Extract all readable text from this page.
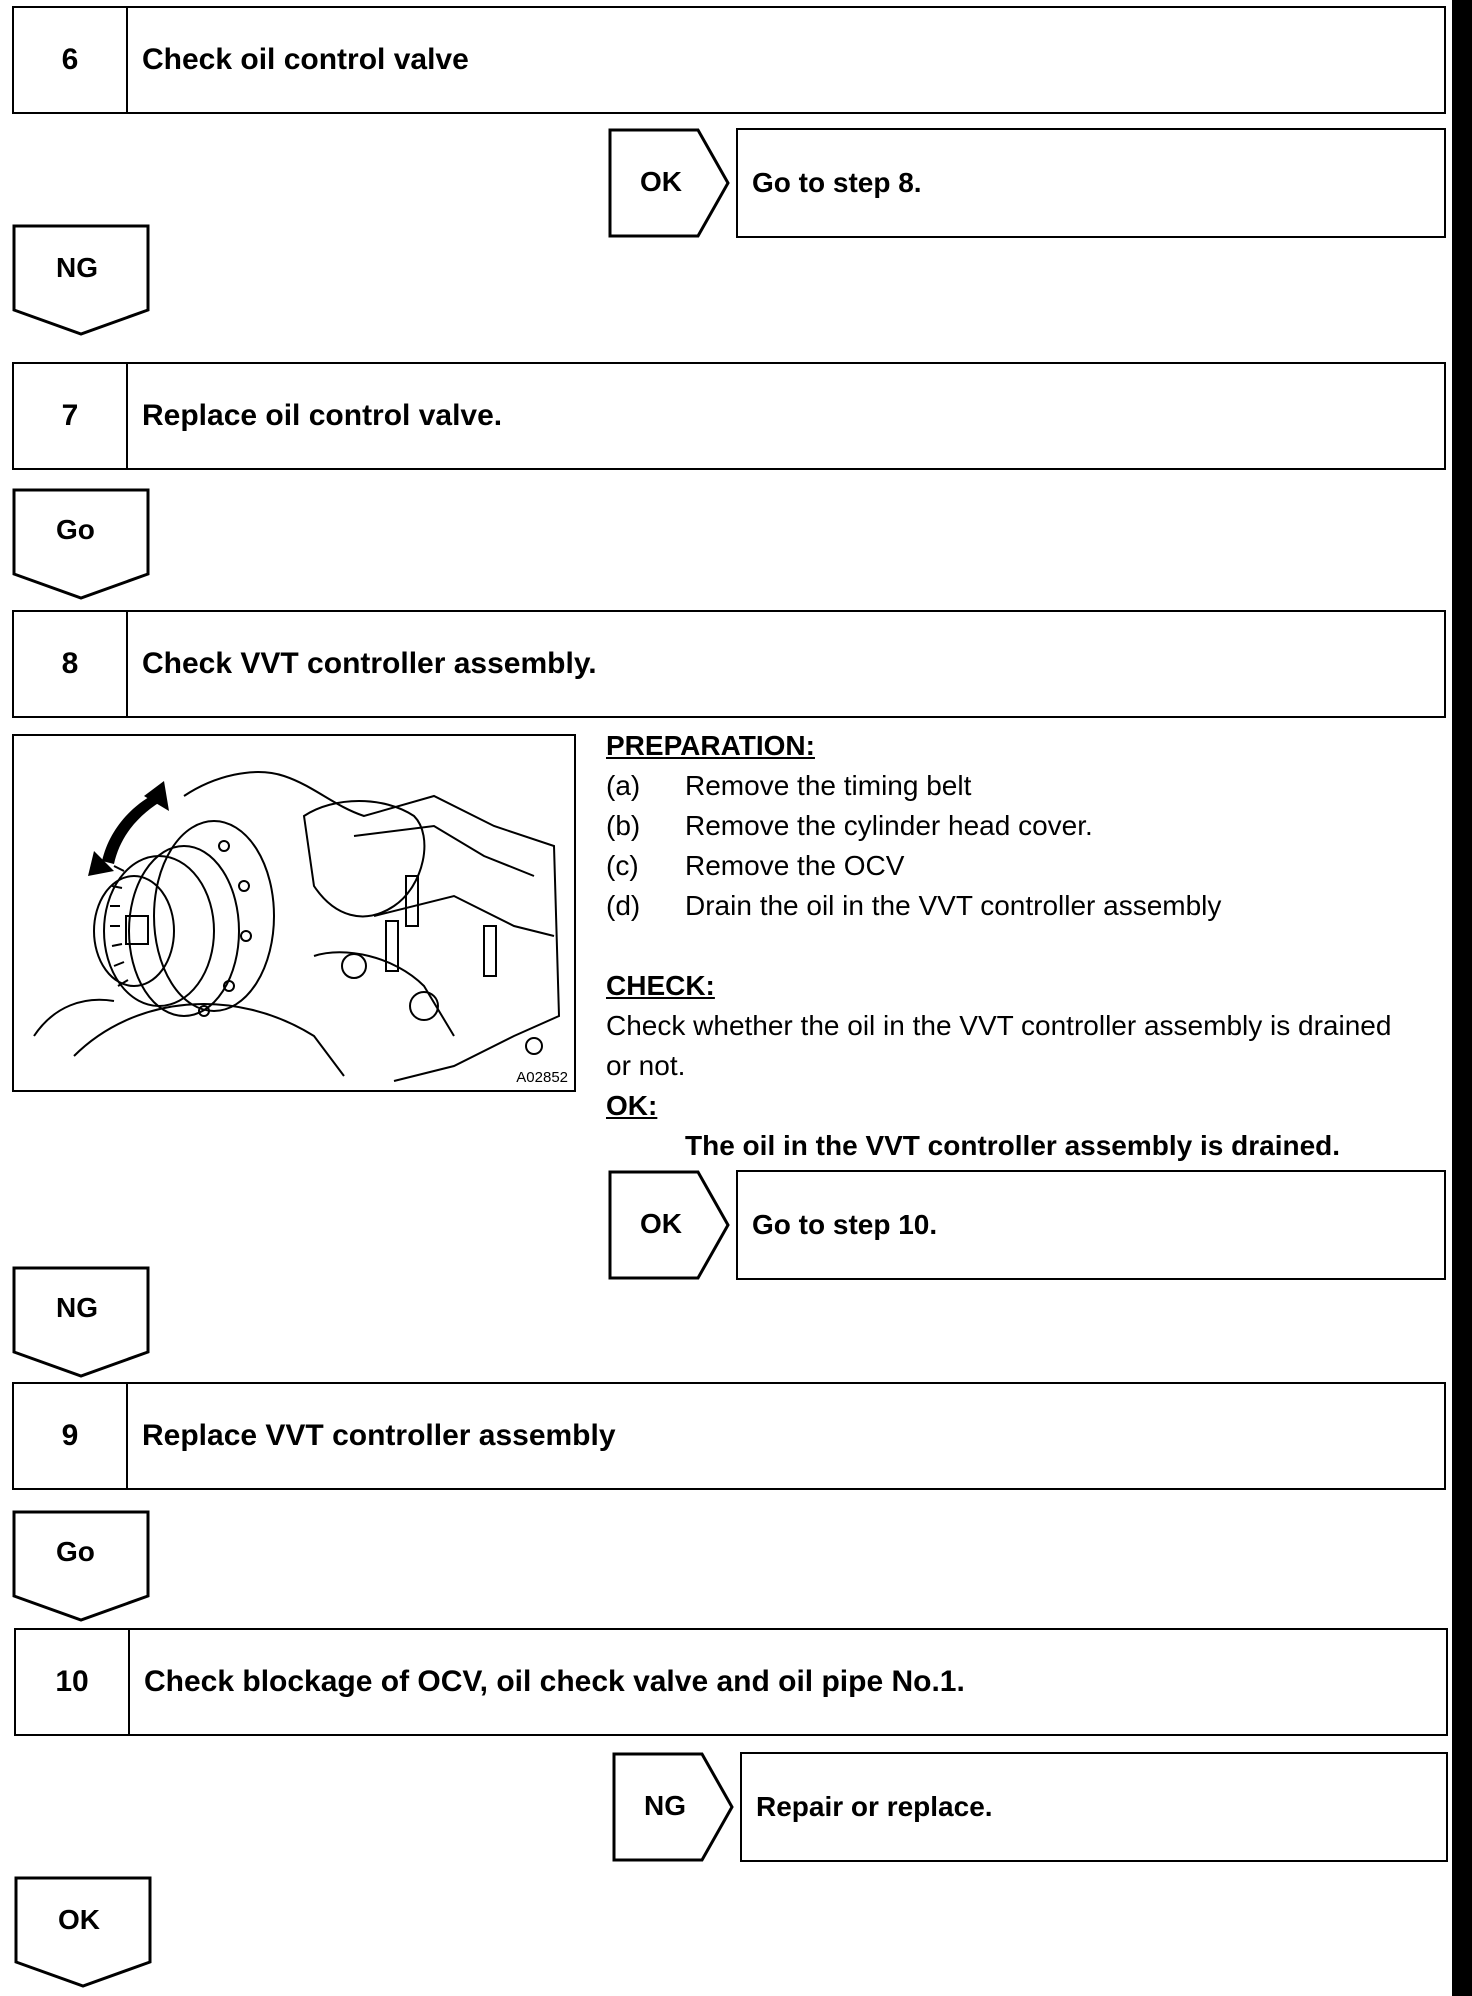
6	Check oil control valve
OK	Go to step 8.
NG
7	Replace oil control valve.
Go
8	Check VVT controller assembly.
A02852
PREPARATION:
(a) Remove the timing belt
(b) Remove the cylinder head cover.
(c) Remove the OCV
(d) Drain the oil in the VVT controller assembly
CHECK:
Check whether the oil in the VVT controller assembly is drained
or not.
OK:
The oil in the VVT controller assembly is drained.
OK	Go to step 10.
NG
9	Replace VVT controller assembly
Go
10	Check blockage of OCV, oil check valve and oil pipe No.1.
NG	Repair or replace.
OK
